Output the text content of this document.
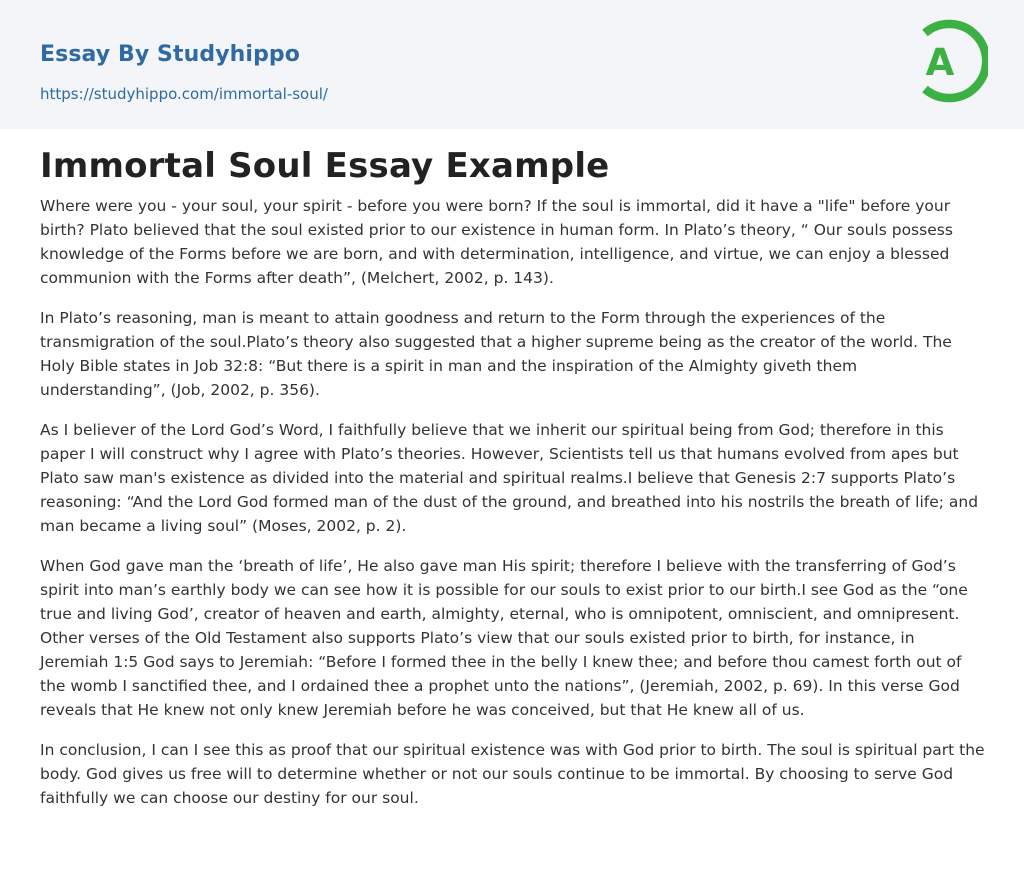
Essay By Studyhippo
https://studyhippo.com/immortal-soul/
A
Immortal Soul Essay Example

Where were you - your soul, your spirit - before you were born? If the soul is immortal, did it have a "life" before your birth? Plato believed that the soul existed prior to our existence in human form. In Plato’s theory, “ Our souls possess knowledge of the Forms before we are born, and with determination, intelligence, and virtue, we can enjoy a blessed communion with the Forms after death”, (Melchert, 2002, p. 143).

In Plato’s reasoning, man is meant to attain goodness and return to the Form through the experiences of the transmigration of the soul.Plato’s theory also suggested that a higher supreme being as the creator of the world. The Holy Bible states in Job 32:8: “But there is a spirit in man and the inspiration of the Almighty giveth them understanding”, (Job, 2002, p. 356).

As I believer of the Lord God’s Word, I faithfully believe that we inherit our spiritual being from God; therefore in this paper I will construct why I agree with Plato’s theories. However, Scientists tell us that humans evolved from apes but Plato saw man's existence as divided into the material and spiritual realms.I believe that Genesis 2:7 supports Plato’s reasoning: “And the Lord God formed man of the dust of the ground, and breathed into his nostrils the breath of life; and man became a living soul” (Moses, 2002, p. 2).

When God gave man the ‘breath of life’, He also gave man His spirit; therefore I believe with the transferring of God’s spirit into man’s earthly body we can see how it is possible for our souls to exist prior to our birth.I see God as the “one true and living God’, creator of heaven and earth, almighty, eternal, who is omnipotent, omniscient, and omnipresent. Other verses of the Old Testament also supports Plato’s view that our souls existed prior to birth, for instance, in Jeremiah 1:5 God says to Jeremiah: “Before I formed thee in the belly I knew thee; and before thou camest forth out of the womb I sanctified thee, and I ordained thee a prophet unto the nations”, (Jeremiah, 2002, p. 69). In this verse God reveals that He knew not only knew Jeremiah before he was conceived, but that He knew all of us.

In conclusion, I can I see this as proof that our spiritual existence was with God prior to birth. The soul is spiritual part the body. God gives us free will to determine whether or not our souls continue to be immortal. By choosing to serve God faithfully we can choose our destiny for our soul.
